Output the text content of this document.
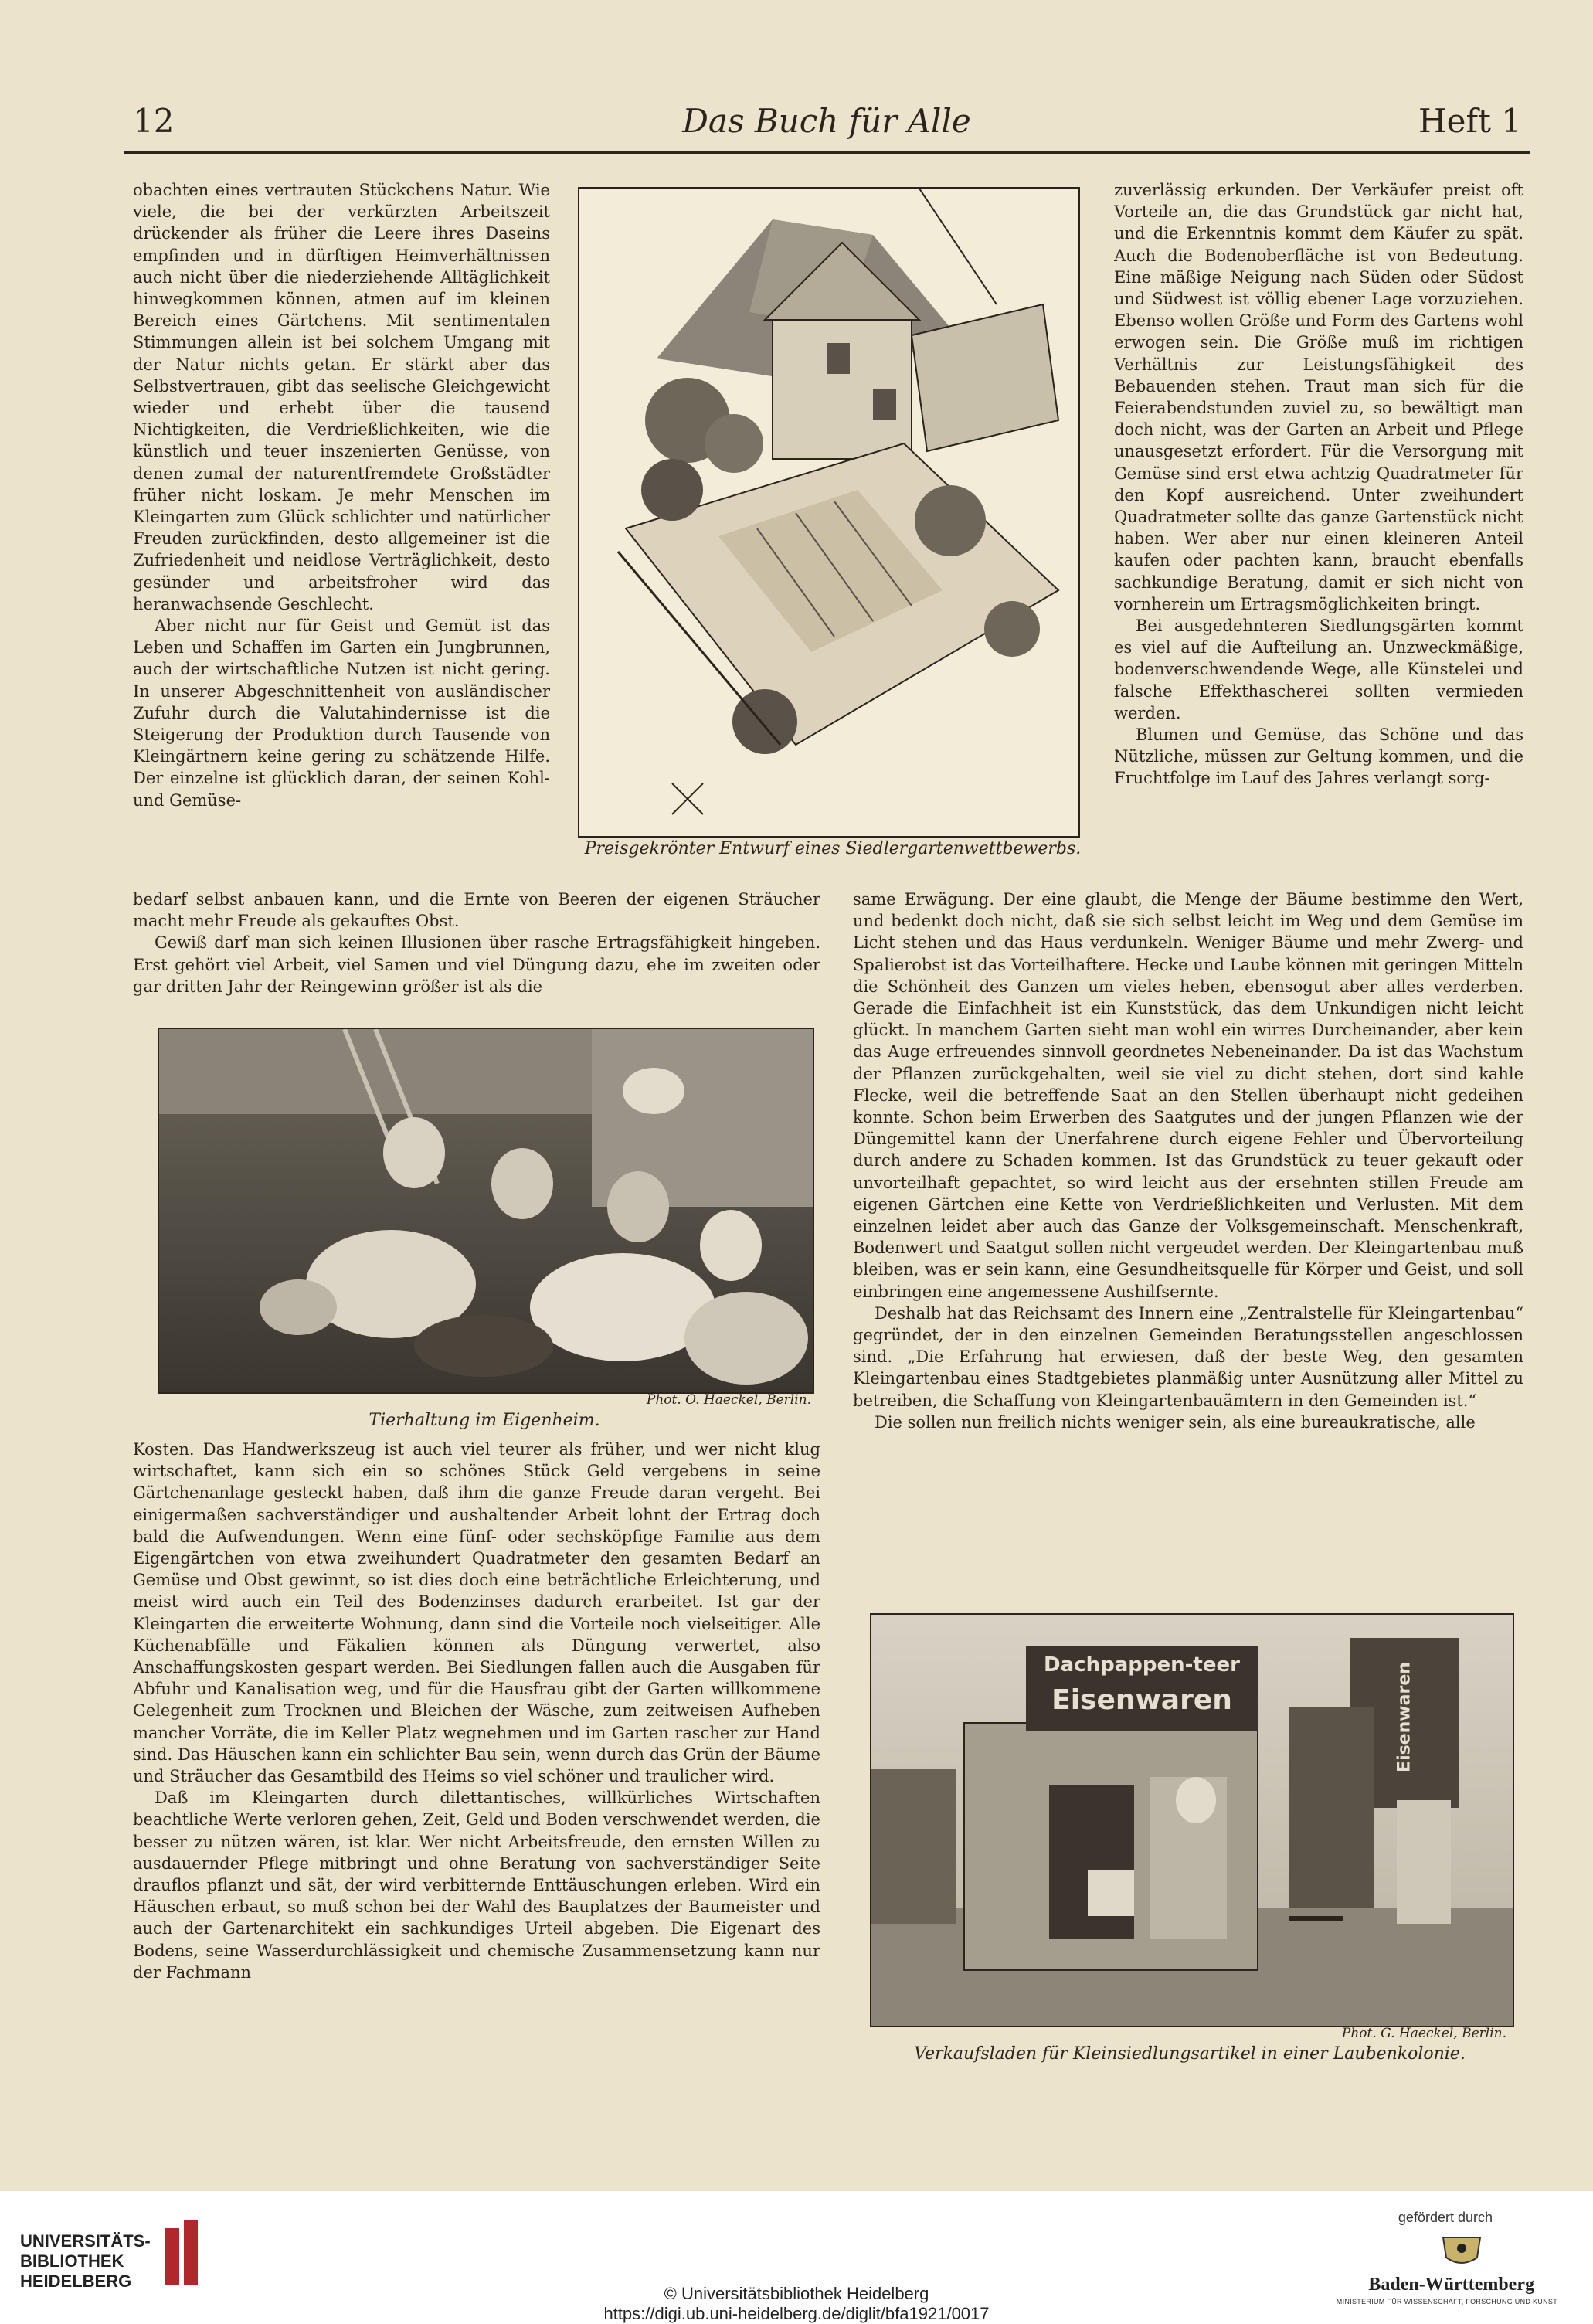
12	Das Buch für Alle	Heft 1

obachten eines vertrauten Stückchens Natur. Wie viele, die bei der verkürzten Arbeitszeit drückender als früher die Leere ihres Daseins empfinden und in dürftigen Heimverhältnissen auch nicht über die niederziehende Alltäglichkeit hinwegkommen können, atmen auf im kleinen Bereich eines Gärtchens. Mit sentimentalen Stimmungen allein ist bei solchem Umgang mit der Natur nichts getan. Er stärkt aber das Selbstvertrauen, gibt das seelische Gleichgewicht wieder und erhebt über die tausend Nichtigkeiten, die Verdrießlichkeiten, wie die künstlich und teuer inszenierten Genüsse, von denen zumal der naturentfremdete Großstädter früher nicht loskam. Je mehr Menschen im Kleingarten zum Glück schlichter und natürlicher Freuden zurückfinden, desto allgemeiner ist die Zufriedenheit und neidlose Verträglichkeit, desto gesünder und arbeitsfroher wird das heranwachsende Geschlecht.

Aber nicht nur für Geist und Gemüt ist das Leben und Schaffen im Garten ein Jungbrunnen, auch der wirtschaftliche Nutzen ist nicht gering. In unserer Abgeschnittenheit von ausländischer Zufuhr durch die Valutahindernisse ist die Steigerung der Produktion durch Tausende von Kleingärtnern keine gering zu schätzende Hilfe. Der einzelne ist glücklich daran, der seinen Kohl- und Gemüse-

Preisgekrönter Entwurf eines Siedlergartenwettbewerbs.

bedarf selbst anbauen kann, und die Ernte von Beeren der eigenen Sträucher macht mehr Freude als gekauftes Obst.

Gewiß darf man sich keinen Illusionen über rasche Ertragsfähigkeit hingeben. Erst gehört viel Arbeit, viel Samen und viel Düngung dazu, ehe im zweiten oder gar dritten Jahr der Reingewinn größer ist als die

Phot. O. Haeckel, Berlin.
Tierhaltung im Eigenheim.

Kosten. Das Handwerkszeug ist auch viel teurer als früher, und wer nicht klug wirtschaftet, kann sich ein so schönes Stück Geld vergebens in seine Gärtchenanlage gesteckt haben, daß ihm die ganze Freude daran vergeht. Bei einigermaßen sachverständiger und aushaltender Arbeit lohnt der Ertrag doch bald die Aufwendungen. Wenn eine fünf- oder sechsköpfige Familie aus dem Eigengärtchen von etwa zweihundert Quadratmeter den gesamten Bedarf an Gemüse und Obst gewinnt, so ist dies doch eine beträchtliche Erleichterung, und meist wird auch ein Teil des Bodenzinses dadurch erarbeitet. Ist gar der Kleingarten die erweiterte Wohnung, dann sind die Vorteile noch vielseitiger. Alle Küchenabfälle und Fäkalien können als Düngung verwertet, also Anschaffungskosten gespart werden. Bei Siedlungen fallen auch die Ausgaben für Abfuhr und Kanalisation weg, und für die Hausfrau gibt der Garten willkommene Gelegenheit zum Trocknen und Bleichen der Wäsche, zum zeitweisen Aufheben mancher Vorräte, die im Keller Platz wegnehmen und im Garten rascher zur Hand sind. Das Häuschen kann ein schlichter Bau sein, wenn durch das Grün der Bäume und Sträucher das Gesamtbild des Heims so viel schöner und traulicher wird.

Daß im Kleingarten durch dilettantisches, willkürliches Wirtschaften beachtliche Werte verloren gehen, Zeit, Geld und Boden verschwendet werden, die besser zu nützen wären, ist klar. Wer nicht Arbeitsfreude, den ernsten Willen zu ausdauernder Pflege mitbringt und ohne Beratung von sachverständiger Seite drauflos pflanzt und sät, der wird verbitternde Enttäuschungen erleben. Wird ein Häuschen erbaut, so muß schon bei der Wahl des Bauplatzes der Baumeister und auch der Gartenarchitekt ein sachkundiges Urteil abgeben. Die Eigenart des Bodens, seine Wasserdurchlässigkeit und chemische Zusammensetzung kann nur der Fachmann

zuverlässig erkunden. Der Verkäufer preist oft Vorteile an, die das Grundstück gar nicht hat, und die Erkenntnis kommt dem Käufer zu spät. Auch die Bodenoberfläche ist von Bedeutung. Eine mäßige Neigung nach Süden oder Südost und Südwest ist völlig ebener Lage vorzuziehen. Ebenso wollen Größe und Form des Gartens wohl erwogen sein. Die Größe muß im richtigen Verhältnis zur Leistungsfähigkeit des Bebauenden stehen. Traut man sich für die Feierabendstunden zuviel zu, so bewältigt man doch nicht, was der Garten an Arbeit und Pflege unausgesetzt erfordert. Für die Versorgung mit Gemüse sind erst etwa achtzig Quadratmeter für den Kopf ausreichend. Unter zweihundert Quadratmeter sollte das ganze Gartenstück nicht haben. Wer aber nur einen kleineren Anteil kaufen oder pachten kann, braucht ebenfalls sachkundige Beratung, damit er sich nicht von vornherein um Ertragsmöglichkeiten bringt.

Bei ausgedehnteren Siedlungsgärten kommt es viel auf die Aufteilung an. Unzweckmäßige, bodenverschwendende Wege, alle Künstelei und falsche Effekthascherei sollten vermieden werden.

Blumen und Gemüse, das Schöne und das Nützliche, müssen zur Geltung kommen, und die Fruchtfolge im Lauf des Jahres verlangt sorg-

same Erwägung. Der eine glaubt, die Menge der Bäume bestimme den Wert, und bedenkt doch nicht, daß sie sich selbst leicht im Weg und dem Gemüse im Licht stehen und das Haus verdunkeln. Weniger Bäume und mehr Zwerg- und Spalierobst ist das Vorteilhaftere. Hecke und Laube können mit geringen Mitteln die Schönheit des Ganzen um vieles heben, ebensogut aber alles verderben. Gerade die Einfachheit ist ein Kunststück, das dem Unkundigen nicht leicht glückt. In manchem Garten sieht man wohl ein wirres Durcheinander, aber kein das Auge erfreuendes sinnvoll geordnetes Nebeneinander. Da ist das Wachstum der Pflanzen zurückgehalten, weil sie viel zu dicht stehen, dort sind kahle Flecke, weil die betreffende Saat an den Stellen überhaupt nicht gedeihen konnte. Schon beim Erwerben des Saatgutes und der jungen Pflanzen wie der Düngemittel kann der Unerfahrene durch eigene Fehler und Übervorteilung durch andere zu Schaden kommen. Ist das Grundstück zu teuer gekauft oder unvorteilhaft gepachtet, so wird leicht aus der ersehnten stillen Freude am eigenen Gärtchen eine Kette von Verdrießlichkeiten und Verlusten. Mit dem einzelnen leidet aber auch das Ganze der Volksgemeinschaft. Menschenkraft, Bodenwert und Saatgut sollen nicht vergeudet werden. Der Kleingartenbau muß bleiben, was er sein kann, eine Gesundheitsquelle für Körper und Geist, und soll einbringen eine angemessene Aushilfsernte.

Deshalb hat das Reichsamt des Innern eine „Zentralstelle für Kleingartenbau“ gegründet, der in den einzelnen Gemeinden Beratungsstellen angeschlossen sind. „Die Erfahrung hat erwiesen, daß der beste Weg, den gesamten Kleingartenbau eines Stadtgebietes planmäßig unter Ausnützung aller Mittel zu betreiben, die Schaffung von Kleingartenbauämtern in den Gemeinden ist.“

Die sollen nun freilich nichts weniger sein, als eine bureaukratische, alle

Dachpappen-teer
Eisenwaren	Eisenwaren
Phot. G. Haeckel, Berlin.
Verkaufsladen für Kleinsiedlungsartikel in einer Laubenkolonie.
UNIVERSITÄTS-
BIBLIOTHEK
HEIDELBERG
© Universitätsbibliothek Heidelberg
https://digi.ub.uni-heidelberg.de/diglit/bfa1921/0017
gefördert durch
Baden-Württemberg
MINISTERIUM FÜR WISSENSCHAFT, FORSCHUNG UND KUNST
